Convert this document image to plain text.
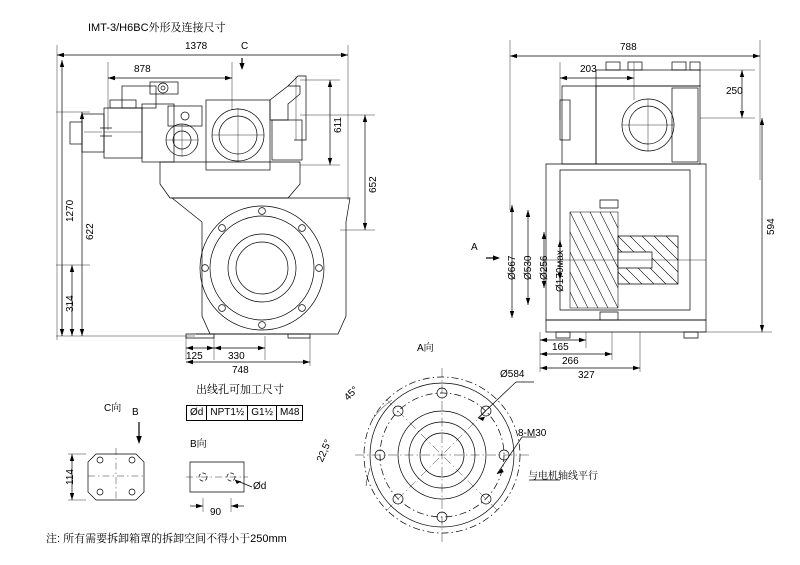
IMT-3/H6BC外形及连接尺寸
1378
878
C
1270
622
314
611
652
125	330
748
788
203
250
594
Ø667 Ø530 Ø256 Ø170мax
165
266
327
A
A向
Ø584
8-M30
45°
22,5°
与电机轴线平行
出线孔可加工尺寸
Ød NPT1½ G1½ M48
C向 B
114
B向
Ød
90
注: 所有需要拆卸箱罩的拆卸空间不得小于250mm
